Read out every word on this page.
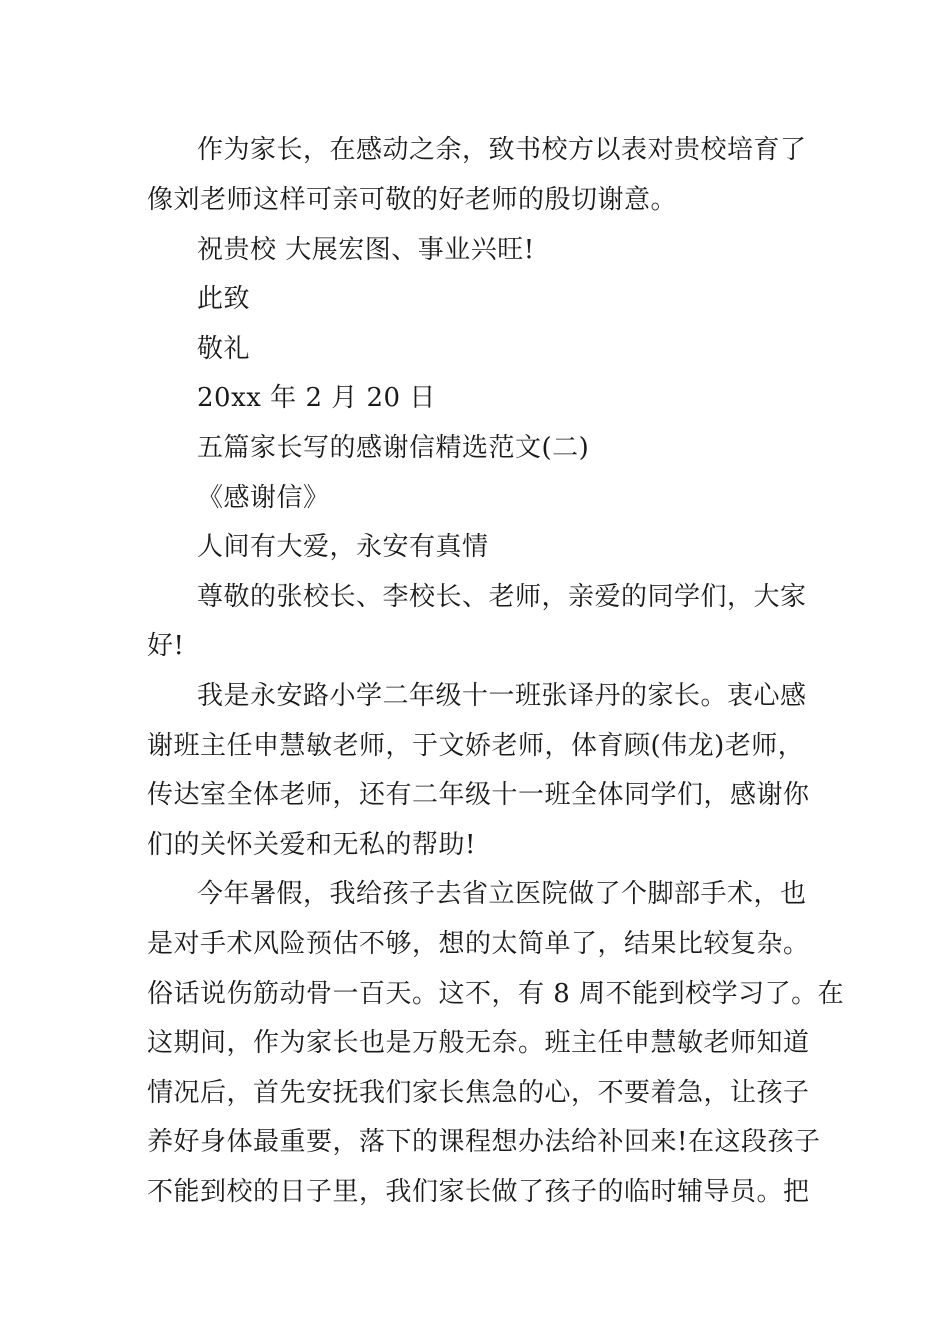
作为家长，在感动之余，致书校方以表对贵校培育了
像刘老师这样可亲可敬的好老师的殷切谢意。
祝贵校 大展宏图、事业兴旺!
此致
敬礼
20xx 年 2 月 20 日
五篇家长写的感谢信精选范文(二)
《感谢信》
人间有大爱，永安有真情
尊敬的张校长、李校长、老师，亲爱的同学们，大家
好!
我是永安路小学二年级十一班张译丹的家长。衷心感
谢班主任申慧敏老师，于文娇老师，体育顾(伟龙)老师，
传达室全体老师，还有二年级十一班全体同学们，感谢你
们的关怀关爱和无私的帮助!
今年暑假，我给孩子去省立医院做了个脚部手术，也
是对手术风险预估不够，想的太简单了，结果比较复杂。
俗话说伤筋动骨一百天。这不，有 8 周不能到校学习了。在
这期间，作为家长也是万般无奈。班主任申慧敏老师知道
情况后，首先安抚我们家长焦急的心，不要着急，让孩子
养好身体最重要，落下的课程想办法给补回来!在这段孩子
不能到校的日子里，我们家长做了孩子的临时辅导员。把
